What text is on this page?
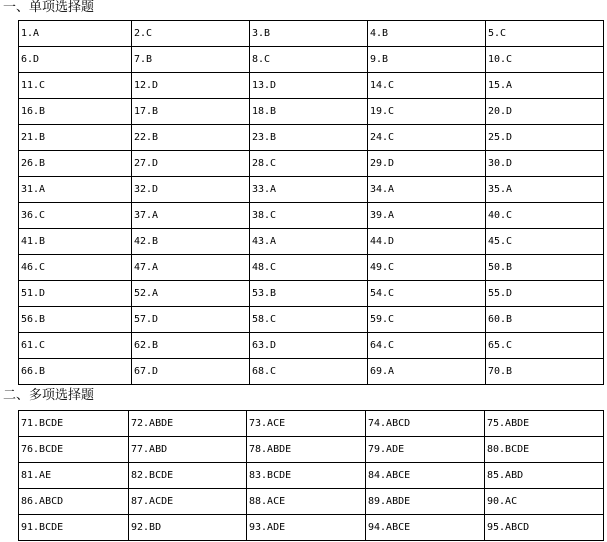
一、单项选择题
1.A	2.C	3.B	4.B	5.C
6.D	7.B	8.C	9.B	10.C
11.C	12.D	13.D	14.C	15.A
16.B	17.B	18.B	19.C	20.D
21.B	22.B	23.B	24.C	25.D
26.B	27.D	28.C	29.D	30.D
31.A	32.D	33.A	34.A	35.A
36.C	37.A	38.C	39.A	40.C
41.B	42.B	43.A	44.D	45.C
46.C	47.A	48.C	49.C	50.B
51.D	52.A	53.B	54.C	55.D
56.B	57.D	58.C	59.C	60.B
61.C	62.B	63.D	64.C	65.C
66.B	67.D	68.C	69.A	70.B
二、多项选择题
71.BCDE	72.ABDE	73.ACE	74.ABCD	75.ABDE
76.BCDE	77.ABD	78.ABDE	79.ADE	80.BCDE
81.AE	82.BCDE	83.BCDE	84.ABCE	85.ABD
86.ABCD	87.ACDE	88.ACE	89.ABDE	90.AC
91.BCDE	92.BD	93.ADE	94.ABCE	95.ABCD
